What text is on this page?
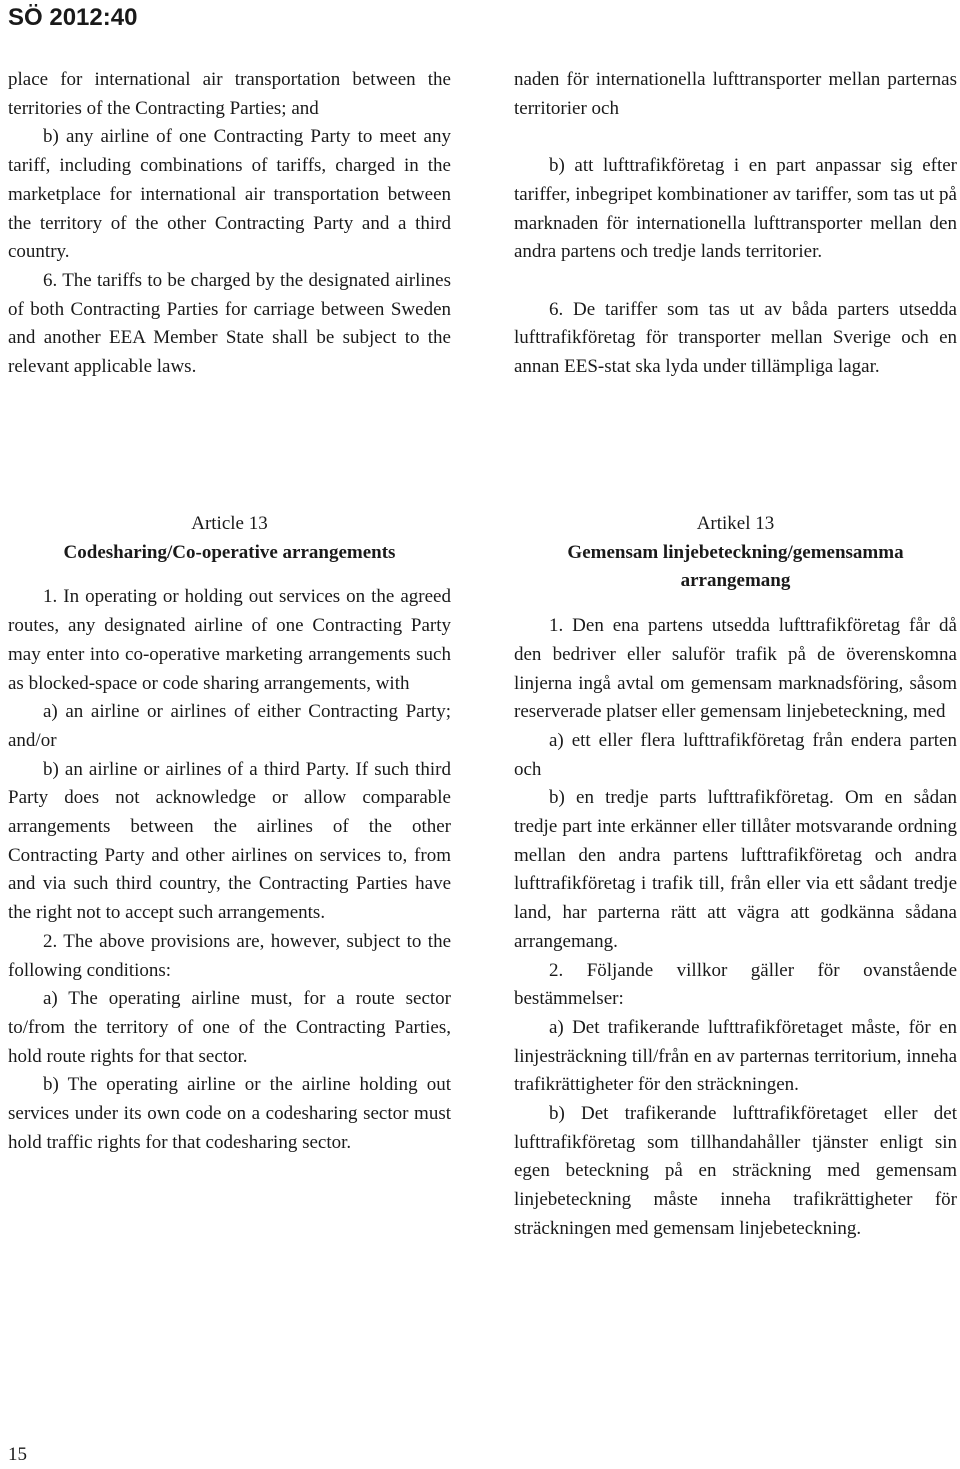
SÖ 2012:40

place for international air transportation between the territories of the Contracting Parties; and

b) any airline of one Contracting Party to meet any tariff, including combinations of tariffs, charged in the marketplace for international air transportation between the territory of the other Contracting Party and a third country.

6. The tariffs to be charged by the designated airlines of both Contracting Parties for carriage between Sweden and another EEA Member State shall be subject to the relevant applicable laws.

naden för internationella lufttransporter mellan parternas territorier och

b) att lufttrafikföretag i en part anpassar sig efter tariffer, inbegripet kombinationer av tariffer, som tas ut på marknaden för internationella lufttransporter mellan den andra partens och tredje lands territorier.

6. De tariffer som tas ut av båda parters utsedda lufttrafikföretag för transporter mellan Sverige och en annan EES-stat ska lyda under tillämpliga lagar.

Article 13
Codesharing/Co-operative arrangements

1. In operating or holding out services on the agreed routes, any designated airline of one Contracting Party may enter into co-operative marketing arrangements such as blocked-space or code sharing arrangements, with

a) an airline or airlines of either Contracting Party; and/or

b) an airline or airlines of a third Party. If such third Party does not acknowledge or allow comparable arrangements between the airlines of the other Contracting Party and other airlines on services to, from and via such third country, the Contracting Parties have the right not to accept such arrangements.

2. The above provisions are, however, subject to the following conditions:

a) The operating airline must, for a route sector to/from the territory of one of the Contracting Parties, hold route rights for that sector.

b) The operating airline or the airline holding out services under its own code on a codesharing sector must hold traffic rights for that codesharing sector.

Artikel 13
Gemensam linjebeteckning/gemensamma arrangemang

1. Den ena partens utsedda lufttrafikföretag får då den bedriver eller saluför trafik på de överenskomna linjerna ingå avtal om gemensam marknadsföring, såsom reserverade platser eller gemensam linjebeteckning, med

a) ett eller flera lufttrafikföretag från endera parten och

b) en tredje parts lufttrafikföretag. Om en sådan tredje part inte erkänner eller tillåter motsvarande ordning mellan den andra partens lufttrafikföretag och andra lufttrafikföretag i trafik till, från eller via ett sådant tredje land, har parterna rätt att vägra att godkänna sådana arrangemang.

2. Följande villkor gäller för ovanstående bestämmelser:

a) Det trafikerande lufttrafikföretaget måste, för en linjesträckning till/från en av parternas territorium, inneha trafikrättigheter för den sträckningen.

b) Det trafikerande lufttrafikföretaget eller det lufttrafikföretag som tillhandahåller tjänster enligt sin egen beteckning på en sträckning med gemensam linjebeteckning måste inneha trafikrättigheter för sträckningen med gemensam linjebeteckning.

15
